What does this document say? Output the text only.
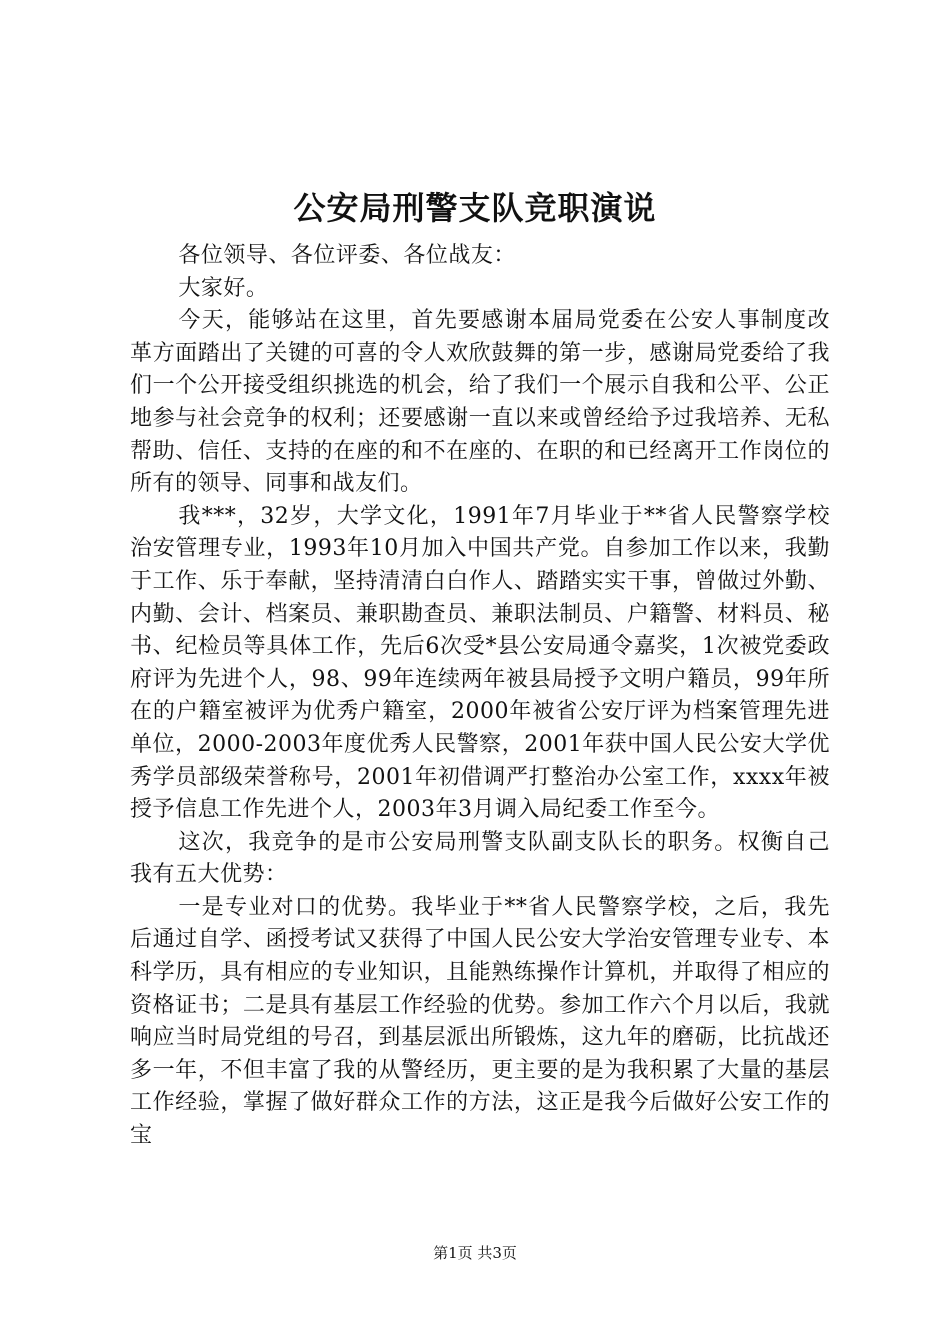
公安局刑警支队竞职演说

各位领导、各位评委、各位战友：

大家好。

今天，能够站在这里，首先要感谢本届局党委在公安人事制度改革方面踏出了关键的可喜的令人欢欣鼓舞的第一步，感谢局党委给了我们一个公开接受组织挑选的机会，给了我们一个展示自我和公平、公正地参与社会竞争的权利；还要感谢一直以来或曾经给予过我培养、无私帮助、信任、支持的在座的和不在座的、在职的和已经离开工作岗位的所有的领导、同事和战友们。

我***，32岁，大学文化，1991年7月毕业于**省人民警察学校治安管理专业，1993年10月加入中国共产党。自参加工作以来，我勤于工作、乐于奉献，坚持清清白白作人、踏踏实实干事，曾做过外勤、内勤、会计、档案员、兼职勘查员、兼职法制员、户籍警、材料员、秘书、纪检员等具体工作，先后6次受*县公安局通令嘉奖，1次被党委政府评为先进个人，98、99年连续两年被县局授予文明户籍员，99年所在的户籍室被评为优秀户籍室，2000年被省公安厅评为档案管理先进单位，2000-2003年度优秀人民警察，2001年获中国人民公安大学优秀学员部级荣誉称号，2001年初借调严打整治办公室工作，xxxx年被授予信息工作先进个人，2003年3月调入局纪委工作至今。

这次，我竞争的是市公安局刑警支队副支队长的职务。权衡自己我有五大优势：

一是专业对口的优势。我毕业于**省人民警察学校，之后，我先后通过自学、函授考试又获得了中国人民公安大学治安管理专业专、本科学历，具有相应的专业知识，且能熟练操作计算机，并取得了相应的资格证书；二是具有基层工作经验的优势。参加工作六个月以后，我就响应当时局党组的号召，到基层派出所锻炼，这九年的磨砺，比抗战还多一年，不但丰富了我的从警经历，更主要的是为我积累了大量的基层工作经验，掌握了做好群众工作的方法，这正是我今后做好公安工作的宝

第1页 共3页
